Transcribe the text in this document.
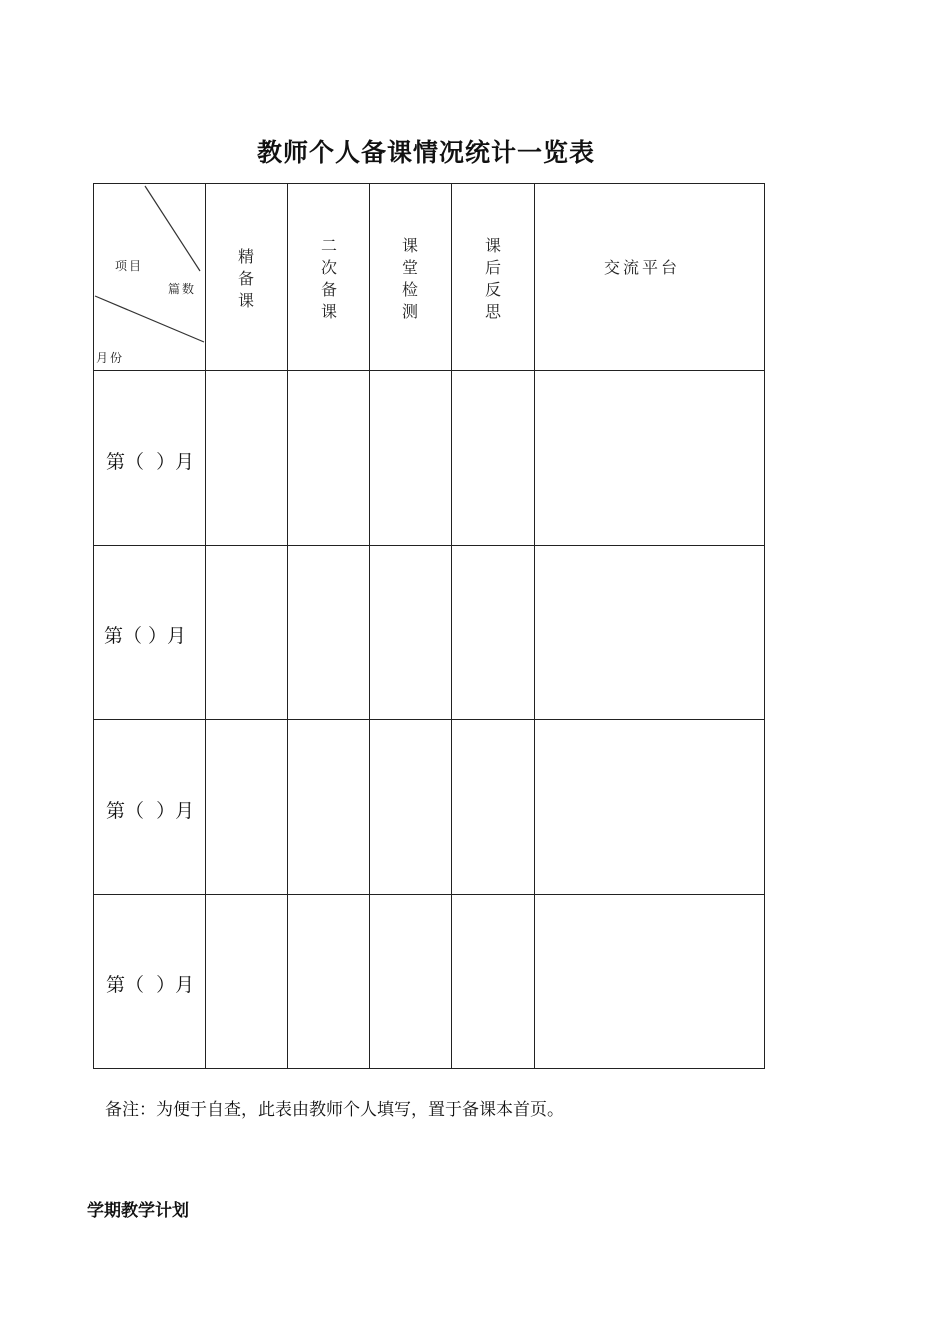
教师个人备课情况统计一览表
项目
篇数
月份
精
备
课
二
次
备
课
课
堂
检
测
课
后
反
思
交流平台
第（  ）月
第（ ）月
第（  ）月
第（  ）月
备注：为便于自查，此表由教师个人填写，置于备课本首页。
学期教学计划
